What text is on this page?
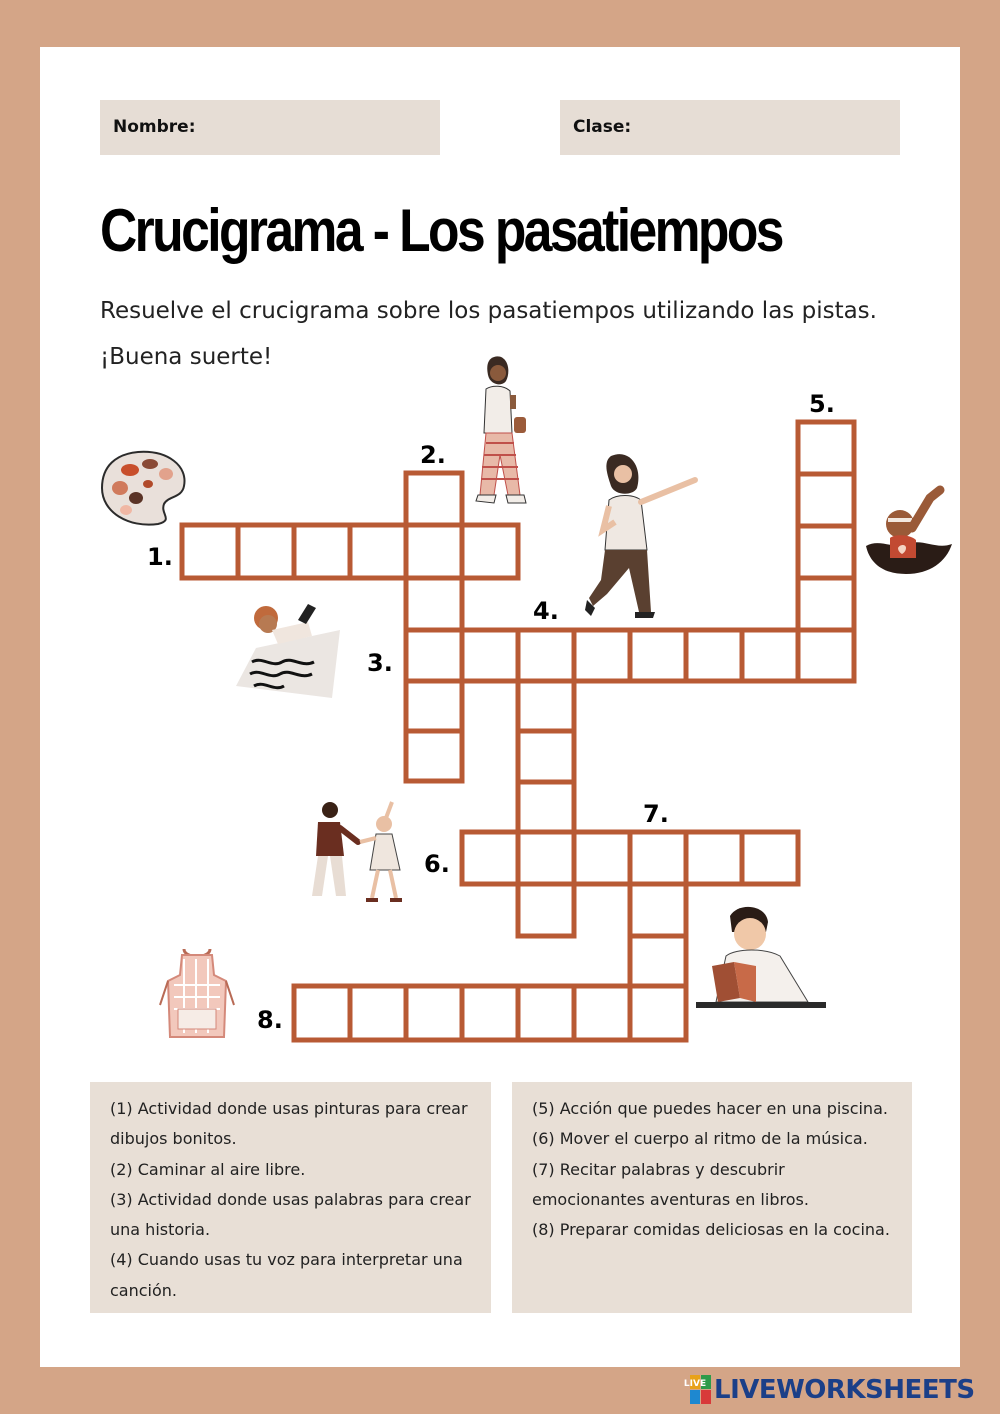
Nombre:	Clase:
Crucigrama - Los pasatiempos

Resuelve el crucigrama sobre los pasatiempos utilizando las pistas. ¡Buena suerte!

1.
2.
3.
4.
5.
6.
7.
8.

(1) Actividad donde usas pinturas para crear dibujos bonitos.

(2) Caminar al aire libre.

(3) Actividad donde usas palabras para crear una historia.

(4) Cuando usas tu voz para interpretar una canción.

(5) Acción que puedes hacer en una piscina.

(6) Mover el cuerpo al ritmo de la música.

(7) Recitar palabras y descubrir emocionantes aventuras en libros.

(8) Preparar comidas deliciosas en la cocina.

LIVE LIVEWORKSHEETS
